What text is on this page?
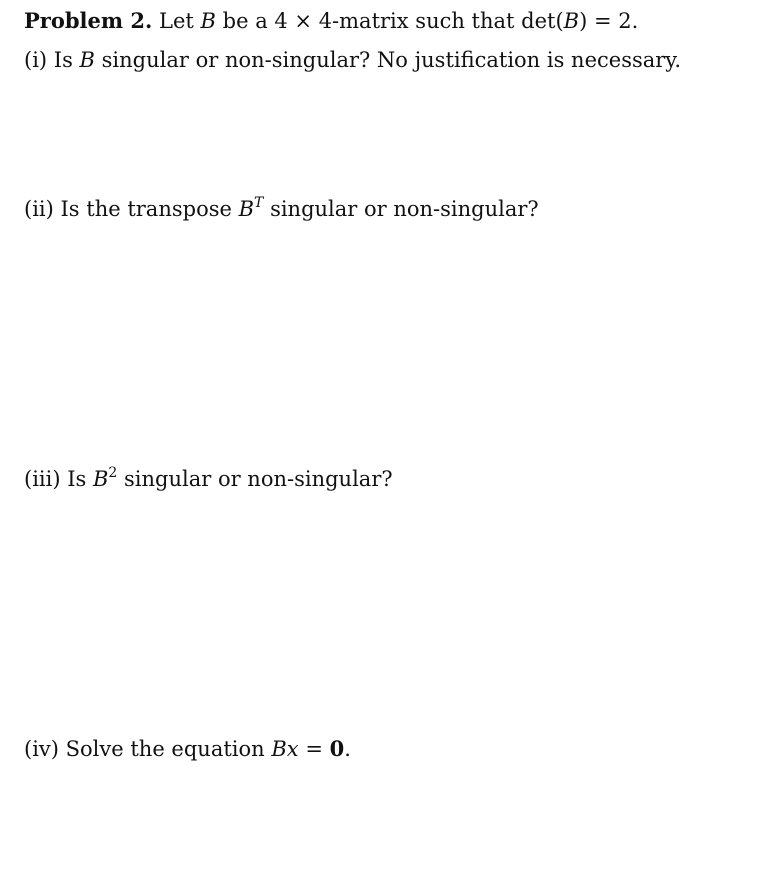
Problem 2. Let B be a 4 × 4-matrix such that det(B) = 2.
(i) Is B singular or non-singular? No justification is necessary.
(ii) Is the transpose $B^T$ singular or non-singular?
(iii) Is $B^2$ singular or non-singular?
(iv) Solve the equation Bx = 0.
